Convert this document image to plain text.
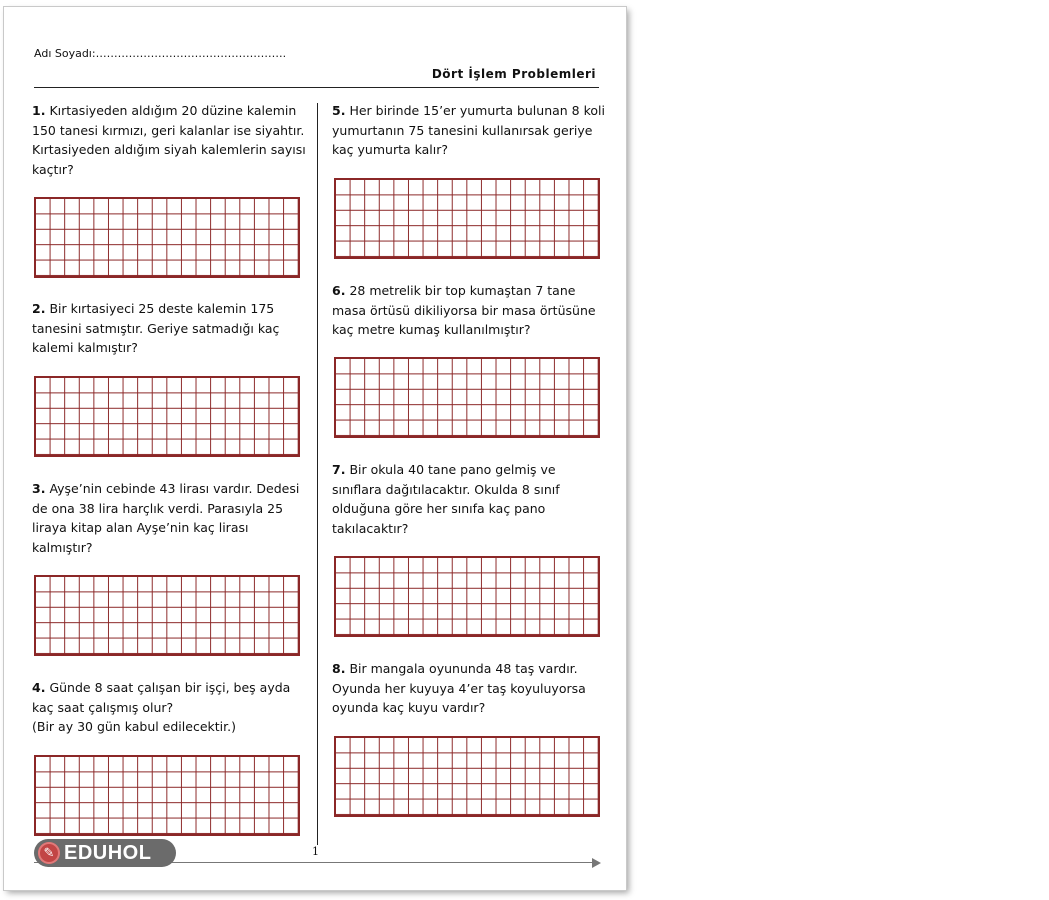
Adı Soyadı:…………………………………………….
Dört İşlem Problemleri
1. Kırtasiyeden aldığım 20 düzine kalemin 150 tanesi kırmızı, geri kalanlar ise siyahtır. Kırtasiyeden aldığım siyah kalemlerin sayısı kaçtır?
2. Bir kırtasiyeci 25 deste kalemin 175 tanesini satmıştır. Geriye satmadığı kaç kalemi kalmıştır?
3. Ayşe’nin cebinde 43 lirası vardır. Dedesi de ona 38 lira harçlık verdi. Parasıyla 25 liraya kitap alan Ayşe’nin kaç lirası kalmıştır?
4. Günde 8 saat çalışan bir işçi, beş ayda kaç saat çalışmış olur?
(Bir ay 30 gün kabul edilecektir.)
5. Her birinde 15’er yumurta bulunan 8 koli yumurtanın 75 tanesini kullanırsak geriye kaç yumurta kalır?
6. 28 metrelik bir top kumaştan 7 tane masa örtüsü dikiliyorsa bir masa örtüsüne kaç metre kumaş kullanılmıştır?
7. Bir okula 40 tane pano gelmiş ve sınıflara dağıtılacaktır. Okulda 8 sınıf olduğuna göre her sınıfa kaç pano takılacaktır?
8. Bir mangala oyununda 48 taş vardır. Oyunda her kuyuya 4’er taş koyuluyorsa oyunda kaç kuyu vardır?
1
✎ EDUHOL
